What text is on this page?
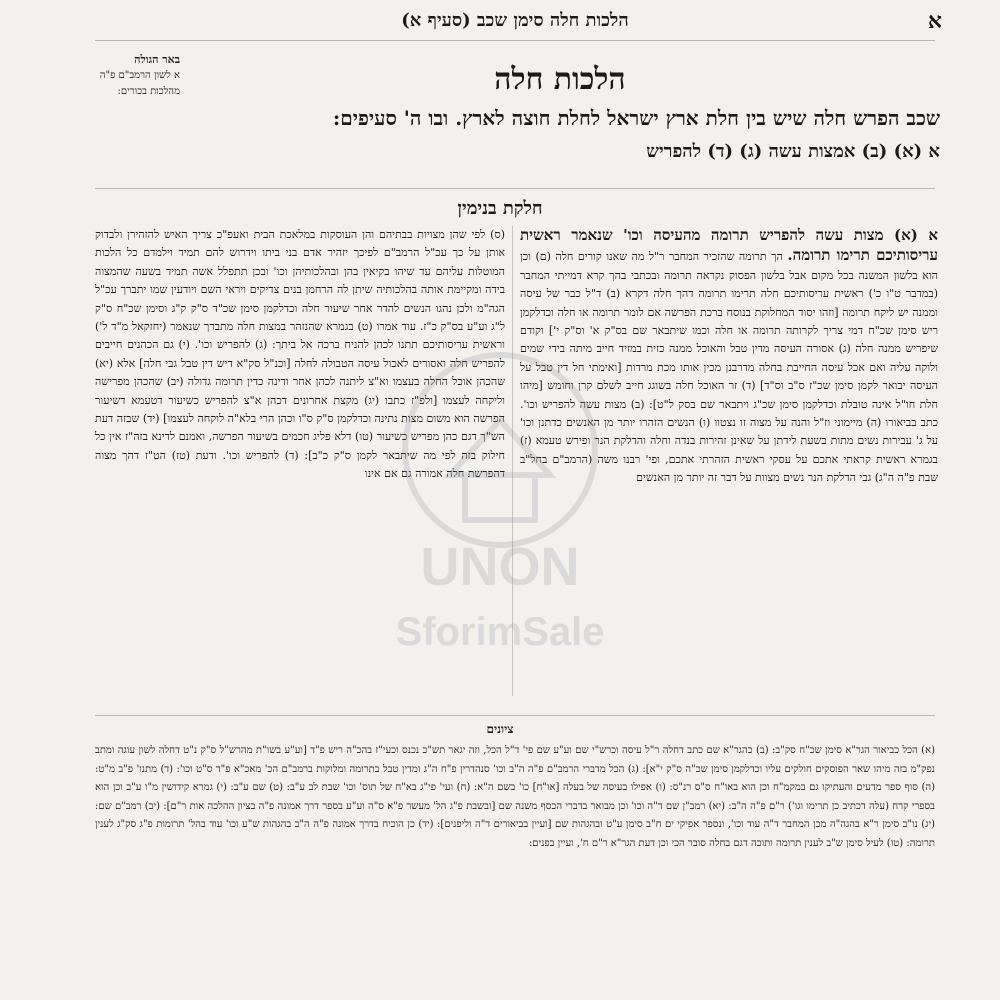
הלכות חלה סימן שכב (סעיף א)	א
באר הגולה
א לשון הרמב"ם פ"ה מהלכות בכורים:	הלכות חלה
שכב הפרש חלה שיש בין חלת ארץ ישראל לחלת חוצה לארץ. ובו ה' סעיפים:
א (א) (ב) אמצות עשה (ג) (ד) להפריש
חלקת בנימין
א (א) מצות עשה להפריש תרומה מהעיסה וכו' שנאמר ראשית עריסותיכם תרימו תרומה. הך תרומה שהזכיר המחבר ר"ל מה שאנו קורים חלה (ם) וכן הוא בלשון המשנה בכל מקום אבל בלשון הפסוק נקראה תרומה ובכתבי בהך קרא דמייתי המחבר (במדבר ט"ו כ') ראשית עריסותיכם חלה תרימו תרומה דהך חלה דקרא (ב) ד"ל כבר של עיסה וממנה יש ליקח תרומה [וזהו יסוד המחלוקת בנוסח ברכת הפרשה אם לומר תרומה או חלה וכדלקמן ריש סימן שכ"ח דמי צריך לקרותה תרומה או חלה וכמו שיתבאר שם בס"ק א' וס"ק י'] וקודם שיפריש ממנה חלה (ג) אסורה העיסה מדין טבל והאוכל ממנה כזית במזיד חייב מיתה בידי שמים ולוקה עליה ואם אכל עיסה החייבת בחלה מדרבנן מכין אותו מכת מרדות [ואימתי חל דין טבל על העיסה יבואר לקמן סימן שכ"ז ס"ב וס"ד] (ד) זר האוכל חלה בשוגג חייב לשלם קרן וחומש [מיהו חלת חו"ל אינה טובלת וכדלקמן סימן שכ"ג ויתבאר שם בסק ל"ט]: (ב) מצות עשה להפריש וכו'. כתב בביאורו (ה) מיימוני וז"ל והנה על מצוה זו נצטוו (ו) הנשים הזהרו יותר מן האנשים כדתנן וכו' על ג' עבירות נשים מתות בשעת לידתן על שאינן זהירות בנדה וחלה והדלקת הנר ופירש טעמא (ז) בגמרא ראשית קראתי אתכם על עסקי ראשית הזהרתי אתכם, ופי' רבנו משה (הרמב"ם בחל"ב שבת פ"ה ה"ג) גבי הדלקת הנר נשים מצוות על דבר זה יותר מן האנשים
(ס) לפי שהן מצויות בבתיהם והן העוסקות במלאכת הבית ואעפ"כ צריך האיש להזהירן ולבדוק אותן על כך עכ"ל הרמב"ם לפיכך יזהיר אדם בני ביתו וידרוש להם תמיד וילמדם כל הלכות המוטלות עליהם עד שיהו בקיאין בהן ובהלכותיהן וכו' ובכן תתפלל אשה תמיד בשעה שהמצוה בידה ומקיימת אותה בהלכותיה שיתן לה הרחמן בנים צדיקים ויראי השם ויודעין שמו יתברך עכ"ל הגה"מ ולכן נהגו הנשים להדר אחר שיעור חלה וכדלקמן סימן שכ"ד ס"ק ק"ג וסימן שכ"ח ס"ק ל"ג וע"ע בס"ק כ"ז. עוד אמרו (ט) בגמרא שהנזהר במצות חלה מתברך שנאמר (יחזקאל מ"ד ל') וראשית עריסותיכם תתנו לכהן להניח ברכה אל ביתך: (ג) להפריש וכו'. (י) גם הכהנים חייבים להפריש חלה ואסורים לאכול עיסה הטבולה לחלה [וכנ"ל סק"א דיש דין טבל גבי חלה] אלא (יא) שהכהן אוכל החלה בעצמו וא"צ ליתנה לכהן אחר ודינה כדין תרומה גדולה (יב) שהכהן מפרישה וליקחה לעצמו [ולפ"ז כתבו (יג) מקצת אחרונים דכהן א"צ להפריש כשיעור דטעמא דשיעור הפרשה הוא משום מצות נתינה וכדלקמן ס"ק ס"ו וכהן הרי בלא"ה לוקחה לעצמו] (יד) שבזה דעת הש"ך דגם כהן מפריש כשיעור (טו) דלא פליג חכמים בשיעור הפרשה, ואמנם לדינא בזה"ז אין כל חילוק בזה לפי מה שיתבאר לקמן ס"ק כ"ב]: (ד) להפריש וכו'. ודעת (טז) הט"ז דהך מצוה דהפרשת חלה אמורה גם אם אינו
UNON
SforimSale
ציונים
(א) הכל כביאור הגר"א סימן שכ"ח סק"ב: (ב) כהגר"א שם כתב דחלה ר"ל עיסה וכרש"י שם וע"ע שם פי' ד"ל הכל, וזה יגאר תש"כ נכנס וכעי"ז בהכ"ה ריש פ"ד [וע"ע בשו"ת מהרש"ל ס"ק נ"ט דחלה לשון עוגה ומתב נפק"מ בזה מיהו שאר הפוסקים חולקים עליו וכדלקמן סימן שכ"ה ס"ק י"א]: (ג) הכל מדברי הרמב"ם פ"ה ה"ב וכו' סנהדרין פ"ח ה"ג ומדין טבל בתרומה ומלוקות ברמב"ם הכ' מאכ"א פ"ד ס"ט וכו': (ד) מתנו' פ"ב מ"ט: (ה) סוף ספר מדעים והעתיקו גם במקמ"ח וכן הוא באו"ח ס"ס רנ"ס: (ו) אפילו בעיסה של בעלה [או"ח] כו' בשם ה"א: (ח) ועי' פי"ג בא"ח של תוס' וכו' שבת לב ע"ב: (ט) שם ע"ב: (י) גמרא קידושין מ"ו ע"ב וכן הוא בספרי קרח (עלה דכתיב כן תרימו וגו') ר"ם פ"ה ה"ב: (יא) רמב"ן שם ד"ה וכו' וכן מבואר בדברי הכסף משנה שם [ובשבת פ"ג הל' מעשר פ"א ס"ה וע"ע בספר דרך אמונה פ"ה בציון ההלכה אות ר"ם]: (יב) רמב"ם שם: (יג) נו"ב סימן ר"א בהגה"ה מכן המחבר ד"ה עוד וכו', ונספר אפיקי ים ח"ב סימן ע"ט ובהגהות שם [ועיין בביאורים ד"ה וליפנים]: (יד) כן הוכיח בדרך אמונה פ"ה ה"ב בהגהות ש"ע וכו' עוד בהל' תרומות פ"ג סק"ג לענין תרומה: (טו) לעיל סימן ש"ב לענין תרומה ותוכה דגם בחלה סובר הכי וכן דעת הגר"א ר"ם ח', ועיין בפנים:
